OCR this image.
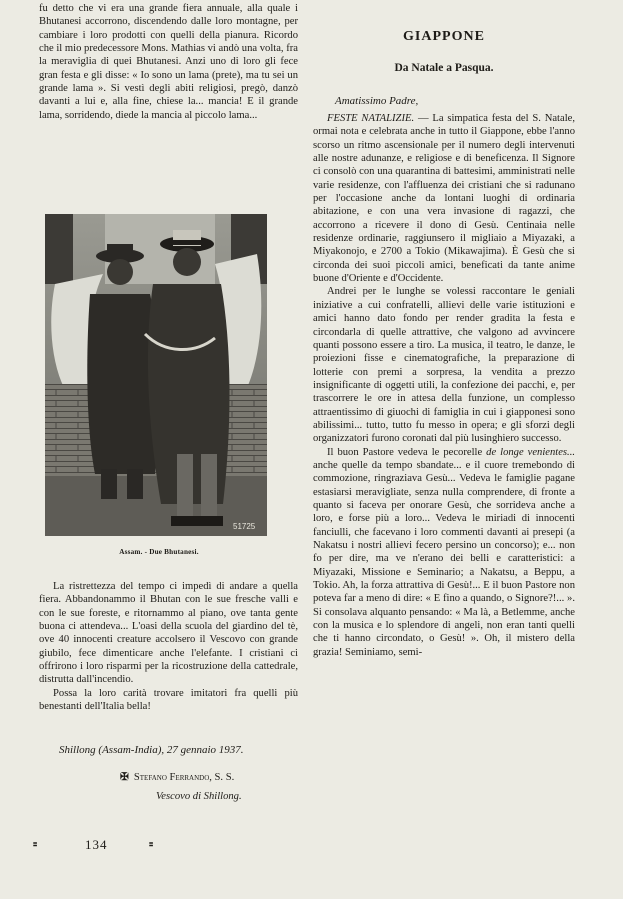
fu detto che vi era una grande fiera annuale, alla quale i Bhutanesi accorrono, discendendo dalle loro montagne, per cambiare i loro prodotti con quelli della pianura. Ricordo che il mio predecessore Mons. Mathias vi andò una volta, fra la meraviglia di quei Bhutanesi. Anzi uno di loro gli fece gran festa e gli disse: « Io sono un lama (prete), ma tu sei un grande lama ». Si vestì degli abiti religiosi, pregò, danzò davanti a lui e, alla fine, chiese la... mancia! E il grande lama, sorridendo, diede la mancia al piccolo lama...

51725
Assam. - Due Bhutanesi.

La ristrettezza del tempo ci impedì di andare a quella fiera. Abbandonammo il Bhutan con le sue fresche valli e con le sue foreste, e ritornammo al piano, ove tanta gente buona ci attendeva... L'oasi della scuola del giardino del tè, ove 40 innocenti creature accolsero il Vescovo con grande giubilo, fece dimenticare anche l'elefante. I cristiani ci offrirono i loro risparmi per la ricostruzione della cattedrale, distrutta dall'incendio.

Possa la loro carità trovare imitatori fra quelli più benestanti dell'Italia bella!

Shillong (Assam-India), 27 gennaio 1937.
✠ Stefano Ferrando, S. S.
Vescovo di Shillong.
⹀	134	⹀
GIAPPONE
Da Natale a Pasqua.
Amatissimo Padre,

FESTE NATALIZIE. — La simpatica festa del S. Natale, ormai nota e celebrata anche in tutto il Giappone, ebbe l'anno scorso un ritmo ascensionale per il numero degli intervenuti alle nostre adunanze, e religiose e di beneficenza. Il Signore ci consolò con una quarantina di battesimi, amministrati nelle varie residenze, con l'affluenza dei cristiani che si radunano per l'occasione anche da lontani luoghi di ordinaria abitazione, e con una vera invasione di ragazzi, che accorrono a ricevere il dono di Gesù. Centinaia nelle residenze ordinarie, raggiunsero il migliaio a Miyazaki, a Miyakonojo, e 2700 a Tokio (Mikawajima). È Gesù che si circonda dei suoi piccoli amici, beneficati da tante anime buone d'Oriente e d'Occidente.

Andrei per le lunghe se volessi raccontare le geniali iniziative a cui confratelli, allievi delle varie istituzioni e amici hanno dato fondo per render gradita la festa e circondarla di quelle attrattive, che valgono ad avvincere quanti possono essere a tiro. La musica, il teatro, le danze, le proiezioni fisse e cinematografiche, la preparazione di lotterie con premi a sorpresa, la vendita a prezzo insignificante di oggetti utili, la confezione dei pacchi, e, per trascorrere le ore in attesa della funzione, un complesso attraentissimo di giuochi di famiglia in cui i giapponesi sono abilissimi... tutto, tutto fu messo in opera; e gli sforzi degli organizzatori furono coronati dal più lusinghiero successo.

Il buon Pastore vedeva le pecorelle de longe venientes... anche quelle da tempo sbandate... e il cuore tremebondo di commozione, ringraziava Gesù... Vedeva le famiglie pagane estasiarsi meravigliate, senza nulla comprendere, di fronte a quanto si faceva per onorare Gesù, che sorrideva anche a loro, e forse più a loro... Vedeva le miriadi di innocenti fanciulli, che facevano i loro commenti davanti ai presepi (a Nakatsu i nostri allievi fecero persino un concorso); e... non fo per dire, ma ve n'erano dei belli e caratteristici: a Miyazaki, Missione e Seminario; a Nakatsu, a Beppu, a Tokio. Ah, la forza attrattiva di Gesù!... E il buon Pastore non poteva far a meno di dire: « E fino a quando, o Signore?!... ». Si consolava alquanto pensando: « Ma là, a Betlemme, anche con la musica e lo splendore di angeli, non eran tanti quelli che ti hanno circondato, o Gesù! ». Oh, il mistero della grazia! Seminiamo, semi-
